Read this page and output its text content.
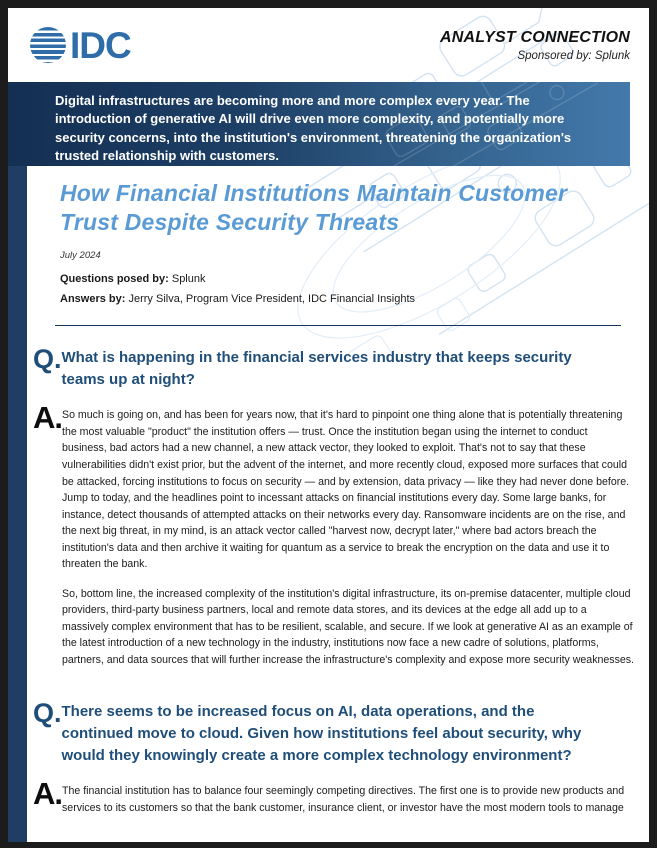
IDC	ANALYST CONNECTION
Sponsored by: Splunk

Digital infrastructures are becoming more and more complex every year. The introduction of generative AI will drive even more complexity, and potentially more security concerns, into the institution's environment, threatening the organization's trusted relationship with customers.

How Financial Institutions Maintain Customer Trust Despite Security Threats
July 2024
Questions posed by: Splunk
Answers by: Jerry Silva, Program Vice President, IDC Financial Insights
Q. What is happening in the financial services industry that keeps security teams up at night?
A. So much is going on, and has been for years now, that it's hard to pinpoint one thing alone that is potentially threatening the most valuable "product" the institution offers — trust. Once the institution began using the internet to conduct business, bad actors had a new channel, a new attack vector, they looked to exploit. That's not to say that these vulnerabilities didn't exist prior, but the advent of the internet, and more recently cloud, exposed more surfaces that could be attacked, forcing institutions to focus on security — and by extension, data privacy — like they had never done before. Jump to today, and the headlines point to incessant attacks on financial institutions every day. Some large banks, for instance, detect thousands of attempted attacks on their networks every day. Ransomware incidents are on the rise, and the next big threat, in my mind, is an attack vector called "harvest now, decrypt later," where bad actors breach the institution's data and then archive it waiting for quantum as a service to break the encryption on the data and use it to threaten the bank.

So, bottom line, the increased complexity of the institution's digital infrastructure, its on-premise datacenter, multiple cloud providers, third-party business partners, local and remote data stores, and its devices at the edge all add up to a massively complex environment that has to be resilient, scalable, and secure. If we look at generative AI as an example of the latest introduction of a new technology in the industry, institutions now face a new cadre of solutions, platforms, partners, and data sources that will further increase the infrastructure's complexity and expose more security weaknesses.

Q. There seems to be increased focus on AI, data operations, and the continued move to cloud. Given how institutions feel about security, why would they knowingly create a more complex technology environment?
A. The financial institution has to balance four seemingly competing directives. The first one is to provide new products and services to its customers so that the bank customer, insurance client, or investor have the most modern tools to manage
